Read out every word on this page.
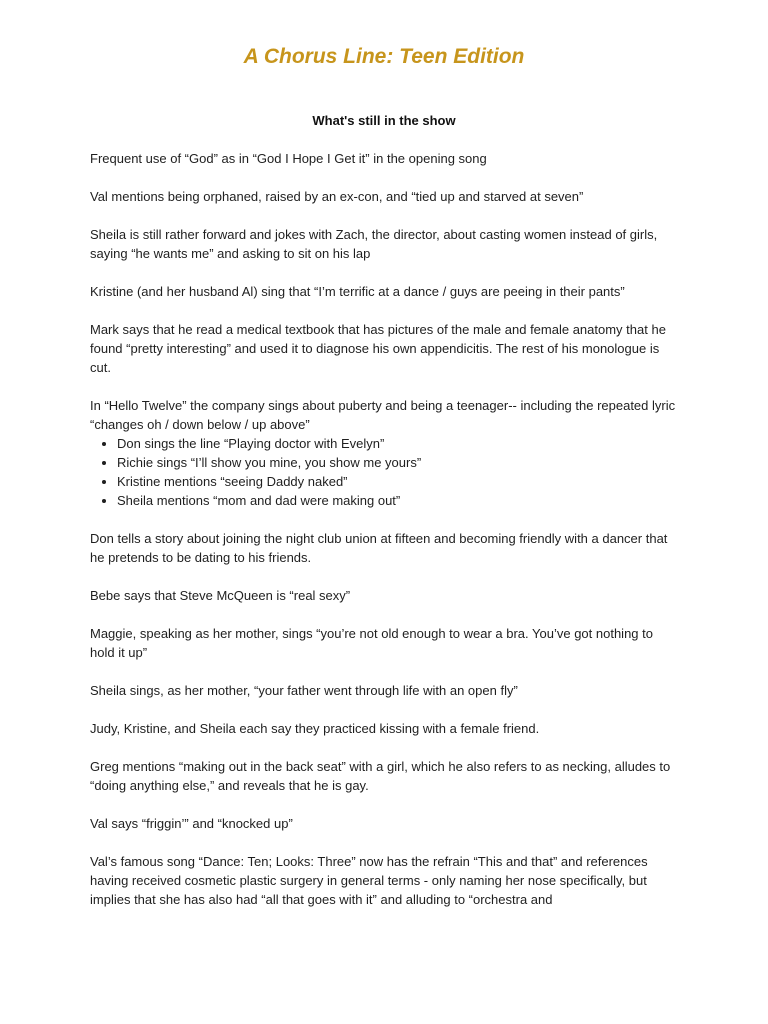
A Chorus Line: Teen Edition
What's still in the show

Frequent use of “God” as in “God I Hope I Get it” in the opening song

Val mentions being orphaned, raised by an ex-con, and “tied up and starved at seven”

Sheila is still rather forward and jokes with Zach, the director, about casting women instead of girls, saying “he wants me” and asking to sit on his lap

Kristine (and her husband Al) sing that “I’m terrific at a dance / guys are peeing in their pants”

Mark says that he read a medical textbook that has pictures of the male and female anatomy that he found “pretty interesting” and used it to diagnose his own appendicitis. The rest of his monologue is cut.

In “Hello Twelve” the company sings about puberty and being a teenager-- including the repeated lyric “changes oh / down below / up above”

• Don sings the line “Playing doctor with Evelyn”
• Richie sings “I’ll show you mine, you show me yours”
• Kristine mentions “seeing Daddy naked”
• Sheila mentions “mom and dad were making out”

Don tells a story about joining the night club union at fifteen and becoming friendly with a dancer that he pretends to be dating to his friends.

Bebe says that Steve McQueen is “real sexy”

Maggie, speaking as her mother, sings “you’re not old enough to wear a bra. You’ve got nothing to hold it up”

Sheila sings, as her mother, “your father went through life with an open fly”

Judy, Kristine, and Sheila each say they practiced kissing with a female friend.

Greg mentions “making out in the back seat” with a girl, which he also refers to as necking, alludes to “doing anything else,” and reveals that he is gay.

Val says “friggin’” and “knocked up”

Val’s famous song “Dance: Ten; Looks: Three” now has the refrain “This and that” and references having received cosmetic plastic surgery in general terms - only naming her nose specifically, but implies that she has also had “all that goes with it” and alluding to “orchestra and
